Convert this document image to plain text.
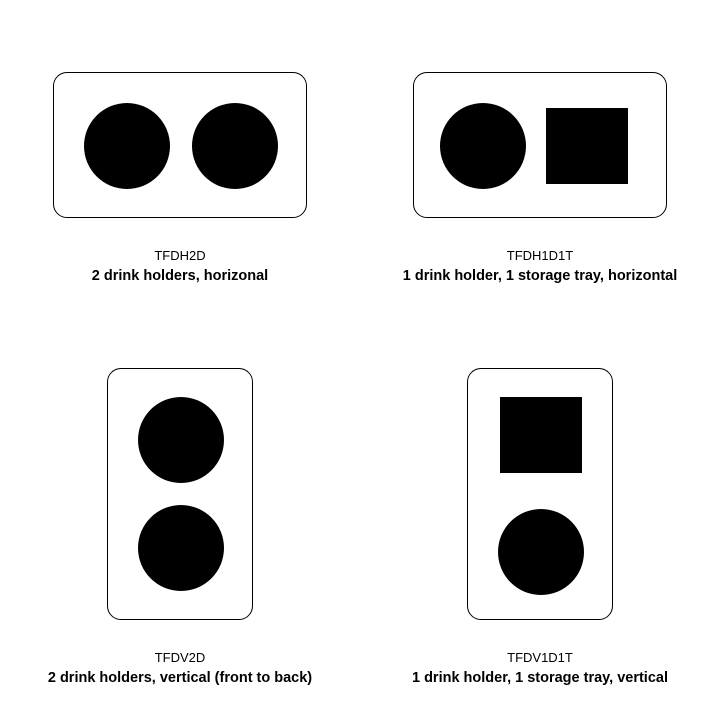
TFDH2D
2 drink holders, horizonal
TFDH1D1T
1 drink holder, 1 storage tray, horizontal
TFDV2D
2 drink holders, vertical (front to back)
TFDV1D1T
1 drink holder, 1 storage tray, vertical
